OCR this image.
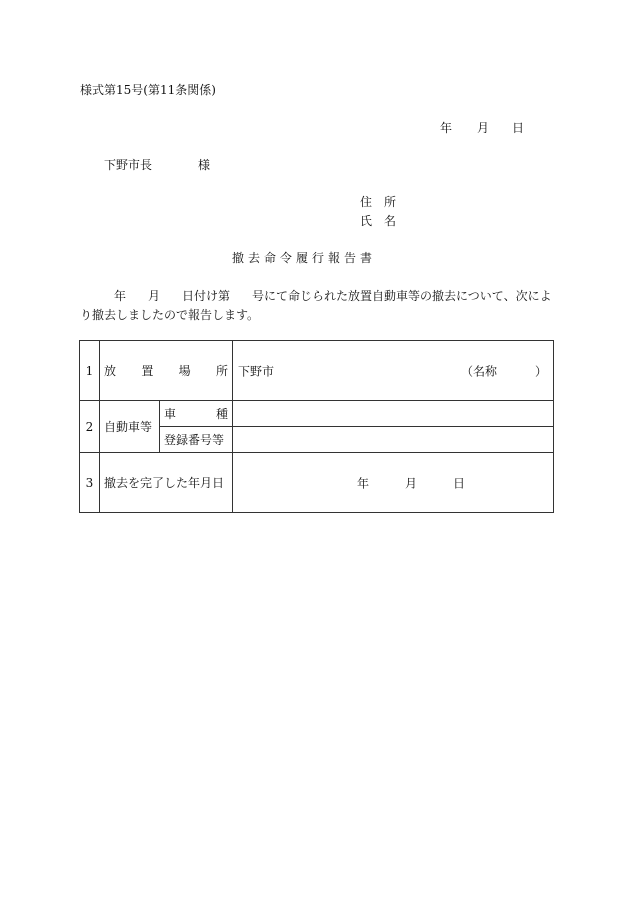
様式第15号(第11条関係)
年 月 日
下野市長	様
住　所
氏　名
撤去命令履行報告書
年 月 日付け第 号にて命じられた放置自動車等の撤去について、次によ
り撤去しましたので報告します。
1	放 置 場 所		下野市 （名称 ）

2	自動車等	車 種	

		登録番号等	
3	撤去を完了した年月日		年 月 日
